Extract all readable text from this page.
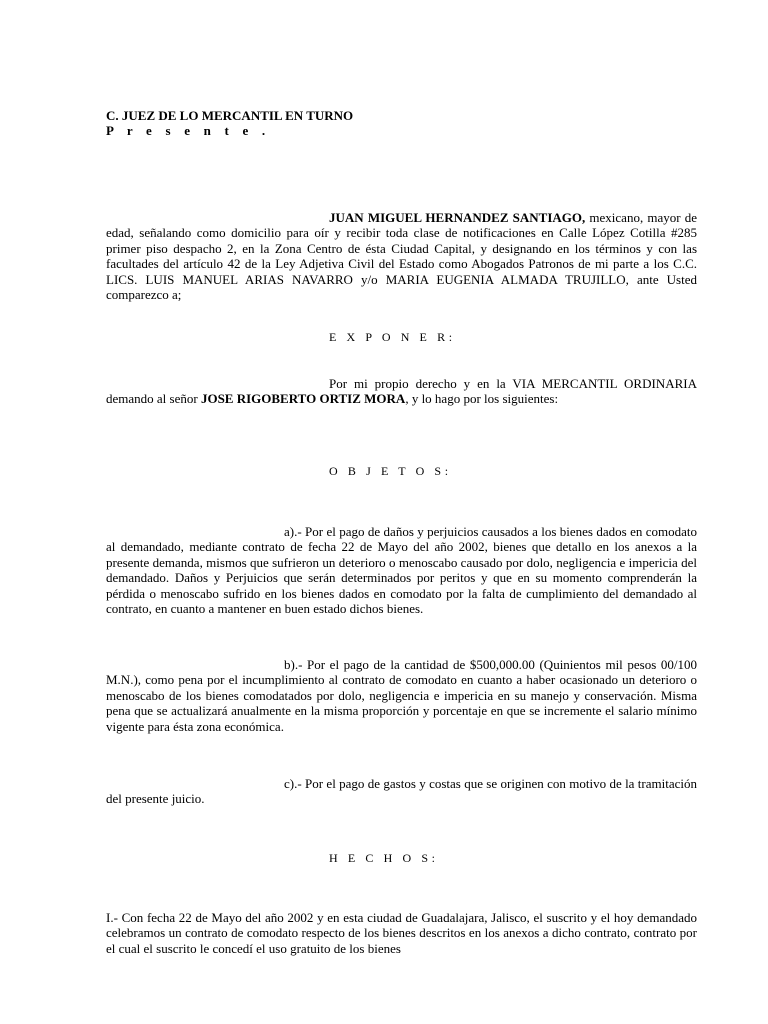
C. JUEZ DE LO MERCANTIL EN TURNO
P r e s e n t e .

JUAN MIGUEL HERNANDEZ SANTIAGO, mexicano, mayor de edad, señalando como domicilio para oír y recibir toda clase de notificaciones en Calle López Cotilla #285 primer piso despacho 2, en la Zona Centro de ésta Ciudad Capital, y designando en los términos y con las facultades del artículo 42 de la Ley Adjetiva Civil del Estado como Abogados Patronos de mi parte a los C.C. LICS. LUIS MANUEL ARIAS NAVARRO y/o MARIA EUGENIA ALMADA TRUJILLO, ante Usted comparezco a;

E X P O N E R:

Por mi propio derecho y en la VIA MERCANTIL ORDINARIA demando al señor JOSE RIGOBERTO ORTIZ MORA, y lo hago por los siguientes:

O B J E T O S:

a).- Por el pago de daños y perjuicios causados a los bienes dados en comodato al demandado, mediante contrato de fecha 22 de Mayo del año 2002, bienes que detallo en los anexos a la presente demanda, mismos que sufrieron un deterioro o menoscabo causado por dolo, negligencia e impericia del demandado. Daños y Perjuicios que serán determinados por peritos y que en su momento comprenderán la pérdida o menoscabo sufrido en los bienes dados en comodato por la falta de cumplimiento del demandado al contrato, en cuanto a mantener en buen estado dichos bienes.

b).- Por el pago de la cantidad de $500,000.00 (Quinientos mil pesos 00/100 M.N.), como pena por el incumplimiento al contrato de comodato en cuanto a haber ocasionado un deterioro o menoscabo de los bienes comodatados por dolo, negligencia e impericia en su manejo y conservación. Misma pena que se actualizará anualmente en la misma proporción y porcentaje en que se incremente el salario mínimo vigente para ésta zona económica.

c).- Por el pago de gastos y costas que se originen con motivo de la tramitación del presente juicio.

H E C H O S:

I.- Con fecha 22 de Mayo del año 2002 y en esta ciudad de Guadalajara, Jalisco, el suscrito y el hoy demandado celebramos un contrato de comodato respecto de los bienes descritos en los anexos a dicho contrato, contrato por el cual el suscrito le concedí el uso gratuito de los bienes
